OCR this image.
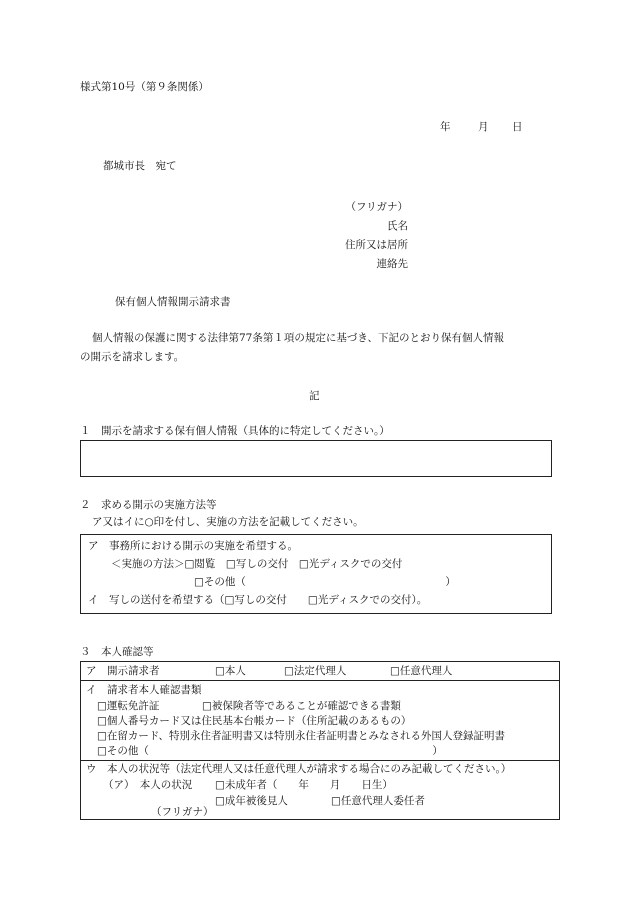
様式第10号（第９条関係）
年	月 日
都城市長　宛て
（フリガナ）
氏名
住所又は居所
連絡先
保有個人情報開示請求書
個人情報の保護に関する法律第77条第１項の規定に基づき、下記のとおり保有個人情報
の開示を請求します。
記
１　開示を請求する保有個人情報（具体的に特定してください。）
２　求める開示の実施方法等
ア又はイに○印を付し、実施の方法を記載してください。
ア　事務所における開示の実施を希望する。
＜実施の方法＞□閲覧　□写しの交付　□光ディスクでの交付
□その他（　　　　　　　　　　　　　　　　　　　）
イ　写しの送付を希望する（□写しの交付　　□光ディスクでの交付）。
３　本人確認等
ア　開示請求者	□本人	□法定代理人	□任意代理人
イ　請求者本人確認書類
□運転免許証	□被保険者等であることが確認できる書類
□個人番号カード又は住民基本台帳カード（住所記載のあるもの）
□在留カード、特別永住者証明書又は特別永住者証明書とみなされる外国人登録証明書
□その他（　　　　　　　　　　　　　　　　　　　　　　　　　　　）
ウ　本人の状況等（法定代理人又は任意代理人が請求する場合にのみ記載してください。）
（ア）　本人の状況 □未成年者（　　年　　月　　日生）
□成年被後見人	□任意代理人委任者
（フリガナ）
